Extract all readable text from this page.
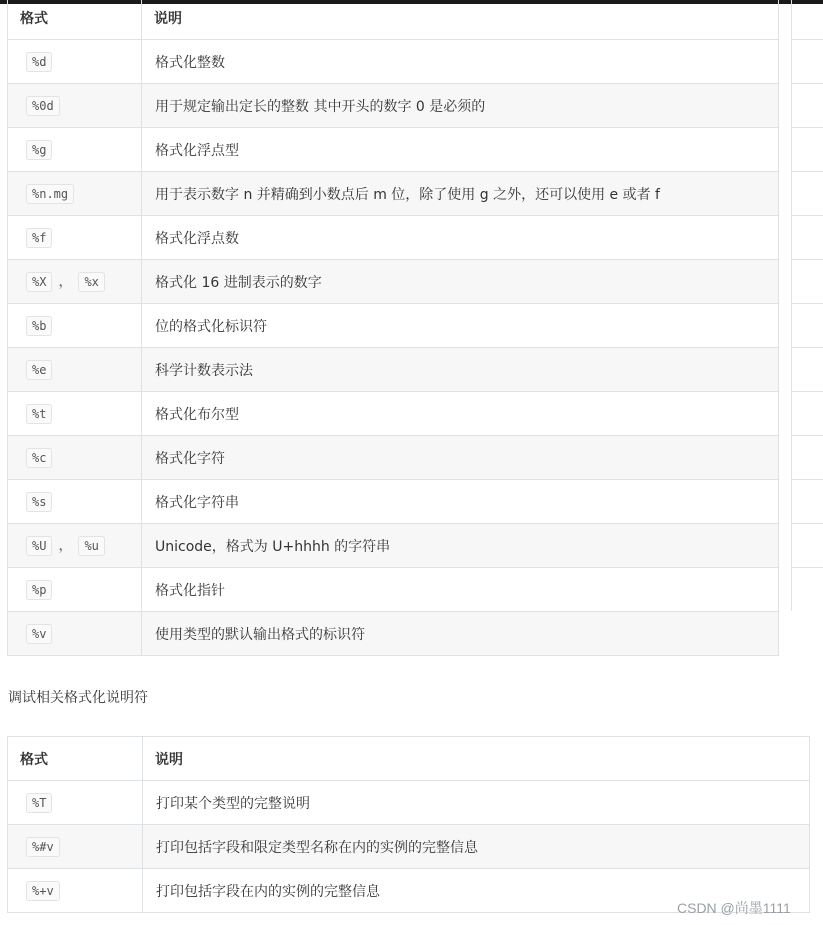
格式	说明
%d	格式化整数
%0d	用于规定输出定长的整数 其中开头的数字 0 是必须的
%g	格式化浮点型
%n.mg	用于表示数字 n 并精确到小数点后 m 位，除了使用 g 之外，还可以使用 e 或者 f
%f	格式化浮点数
%X ， %x	格式化 16 进制表示的数字
%b	位的格式化标识符
%e	科学计数表示法
%t	格式化布尔型
%c	格式化字符
%s	格式化字符串
%U ， %u	Unicode，格式为 U+hhhh 的字符串
%p	格式化指针
%v	使用类型的默认输出格式的标识符
调试相关格式化说明符
格式	说明
%T	打印某个类型的完整说明
%#v	打印包括字段和限定类型名称在内的实例的完整信息
%+v	打印包括字段在内的实例的完整信息
CSDN @尚墨1111
